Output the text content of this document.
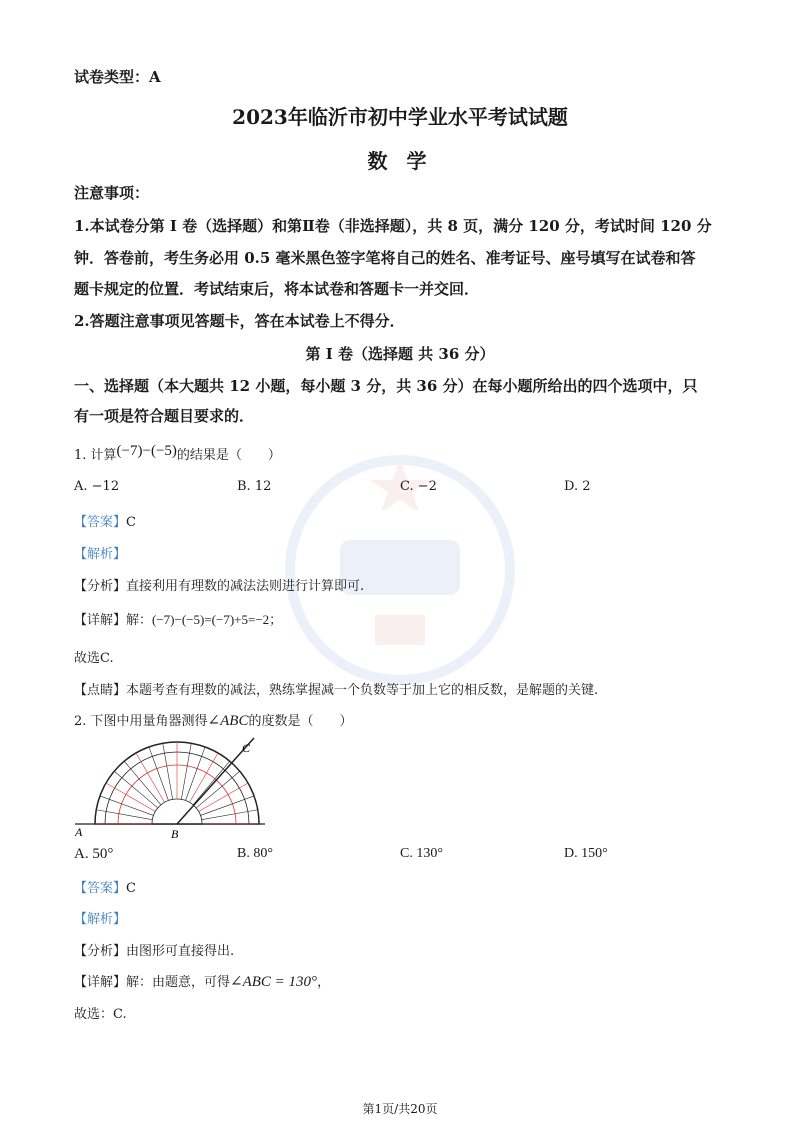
试卷类型：A
2023年临沂市初中学业水平考试试题
数 学
注意事项：
1.本试卷分第 I 卷（选择题）和第Ⅱ卷（非选择题），共 8 页，满分 120 分，考试时间 120 分
钟．答卷前，考生务必用 0.5 毫米黑色签字笔将自己的姓名、准考证号、座号填写在试卷和答
题卡规定的位置．考试结束后，将本试卷和答题卡一并交回．
2.答题注意事项见答题卡，答在本试卷上不得分．
第 I 卷（选择题 共 36 分）
一、选择题（本大题共 12 小题，每小题 3 分，共 36 分）在每小题所给出的四个选项中，只
有一项是符合题目要求的．
1. 计算(−7)−(−5)的结果是（　　）
A. −12	B. 12	C. −2	D. 2
【答案】C
【解析】
【分析】直接利用有理数的减法法则进行计算即可.
【详解】解：(−7)−(−5)=(−7)+5=−2；
故选C.
【点睛】本题考查有理数的减法，熟练掌握减一个负数等于加上它的相反数，是解题的关键.
2. 下图中用量角器测得∠ABC的度数是（　　）
A	B
C
A. 50°	B. 80°	C. 130°	D. 150°
【答案】C
【解析】
【分析】由图形可直接得出.
【详解】解：由题意，可得∠ABC = 130°，
故选：C.
第1页/共20页
